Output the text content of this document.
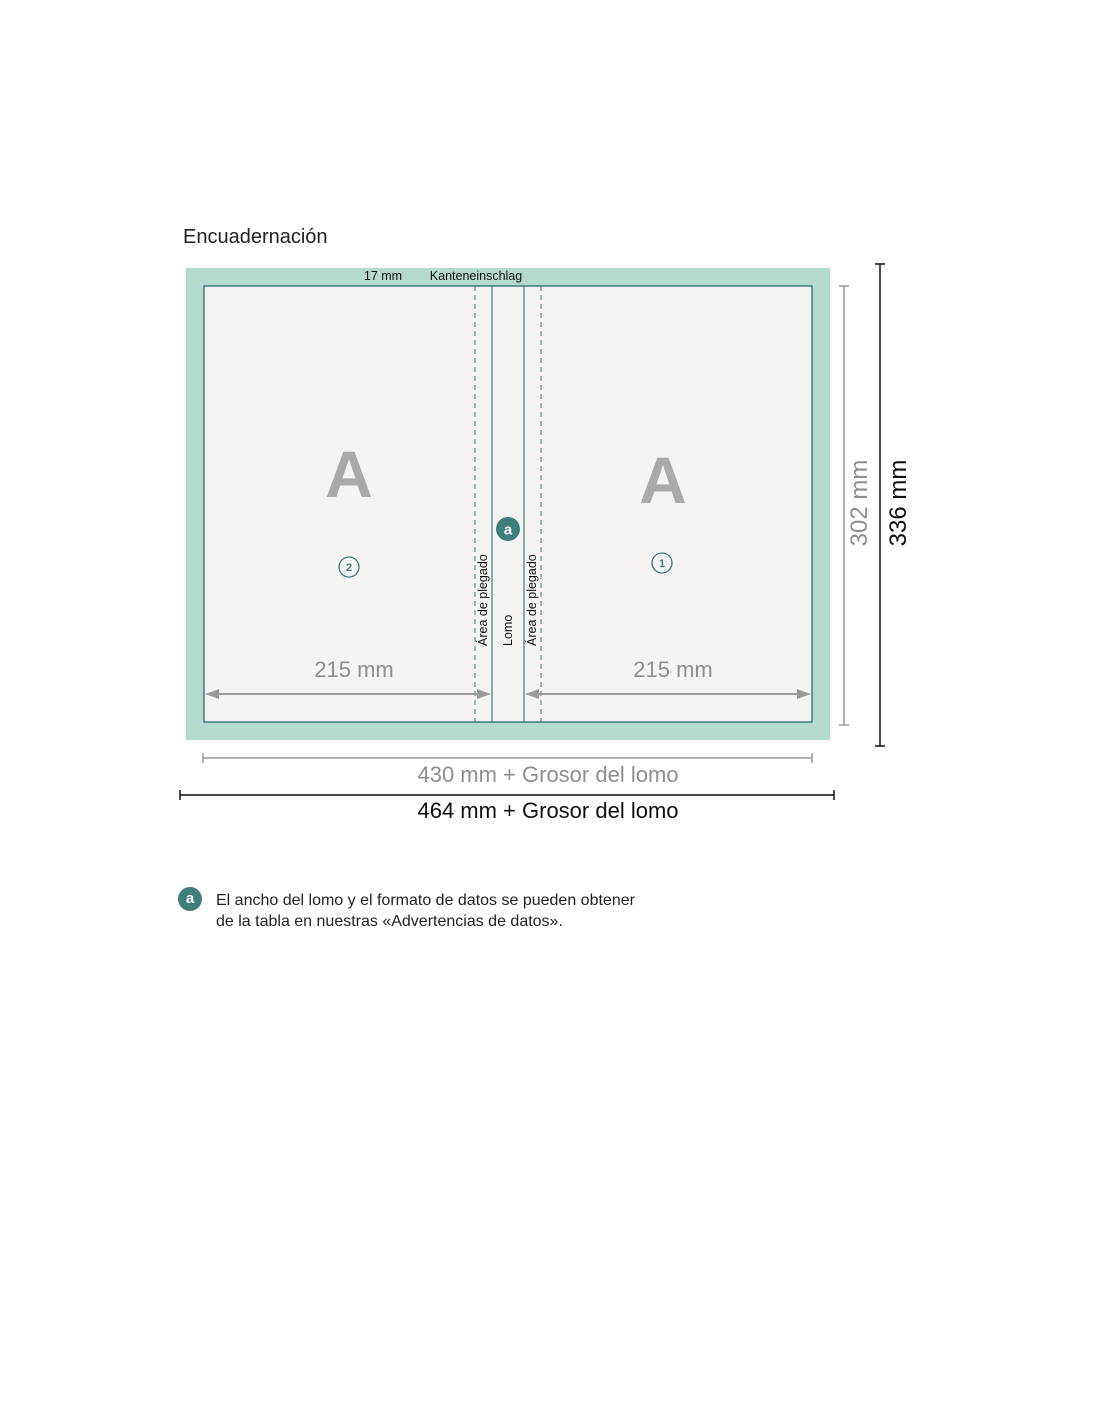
Encuadernación
17 mm Kanteneinschlag
A	A
2	1
a
Área de plegado Lomo Área de plegado
215 mm	215 mm
302 mm 336 mm
430 mm + Grosor del lomo
464 mm + Grosor del lomo
a	El ancho del lomo y el formato de datos se pueden obtener
de la tabla en nuestras «Advertencias de datos».
